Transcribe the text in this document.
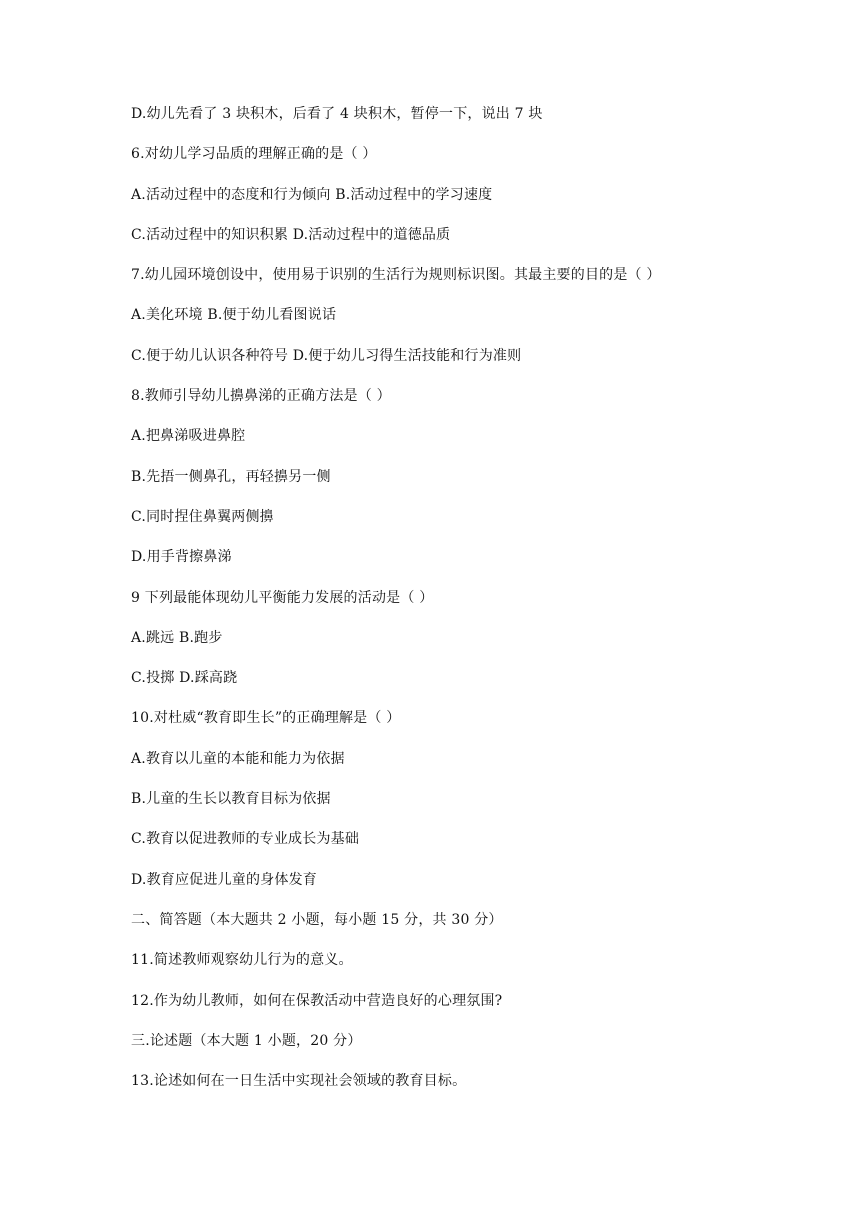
D.幼儿先看了 3 块积木，后看了 4 块积木，暂停一下，说出 7 块
6.对幼儿学习品质的理解正确的是（ ）
A.活动过程中的态度和行为倾向 B.活动过程中的学习速度
C.活动过程中的知识积累 D.活动过程中的道德品质
7.幼儿园环境创设中，使用易于识别的生活行为规则标识图。其最主要的目的是（ ）
A.美化环境 B.便于幼儿看图说话
C.便于幼儿认识各种符号 D.便于幼儿习得生活技能和行为准则
8.教师引导幼儿擤鼻涕的正确方法是（ ）
A.把鼻涕吸进鼻腔
B.先捂一侧鼻孔，再轻擤另一侧
C.同时捏住鼻翼两侧擤
D.用手背擦鼻涕
9 下列最能体现幼儿平衡能力发展的活动是（ ）
A.跳远 B.跑步
C.投掷 D.踩高跷
10.对杜威“教育即生长”的正确理解是（ ）
A.教育以儿童的本能和能力为依据
B.儿童的生长以教育目标为依据
C.教育以促进教师的专业成长为基础
D.教育应促进儿童的身体发育
二、简答题（本大题共 2 小题，每小题 15 分，共 30 分）
11.简述教师观察幼儿行为的意义。
12.作为幼儿教师，如何在保教活动中营造良好的心理氛围?
三.论述题（本大题 1 小题，20 分）
13.论述如何在一日生活中实现社会领域的教育目标。
